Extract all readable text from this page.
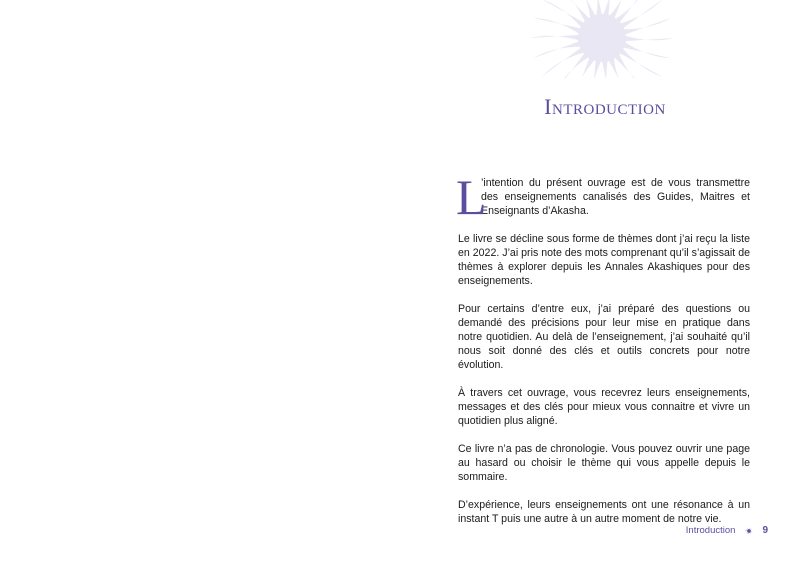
Introduction

L
’intention du présent ouvrage est de vous transmettre des enseignements canalisés des Guides, Maitres et Enseignants d’Akasha.

Le livre se décline sous forme de thèmes dont j’ai reçu la liste en 2022. J’ai pris note des mots comprenant qu’il s’agissait de thèmes à explorer depuis les Annales Akashiques pour des enseignements.

Pour certains d’entre eux, j’ai préparé des questions ou demandé des précisions pour leur mise en pratique dans notre quotidien. Au delà de l’enseignement, j’ai souhaité qu’il nous soit donné des clés et outils concrets pour notre évolution.

À travers cet ouvrage, vous recevrez leurs enseignements, messages et des clés pour mieux vous connaitre et vivre un quotidien plus aligné.

Ce livre n’a pas de chronologie. Vous pouvez ouvrir une page au hasard ou choisir le thème qui vous appelle depuis le sommaire.

D’expérience, leurs enseignements ont une résonance à un instant T puis une autre à un autre moment de notre vie.

Introduction	9
